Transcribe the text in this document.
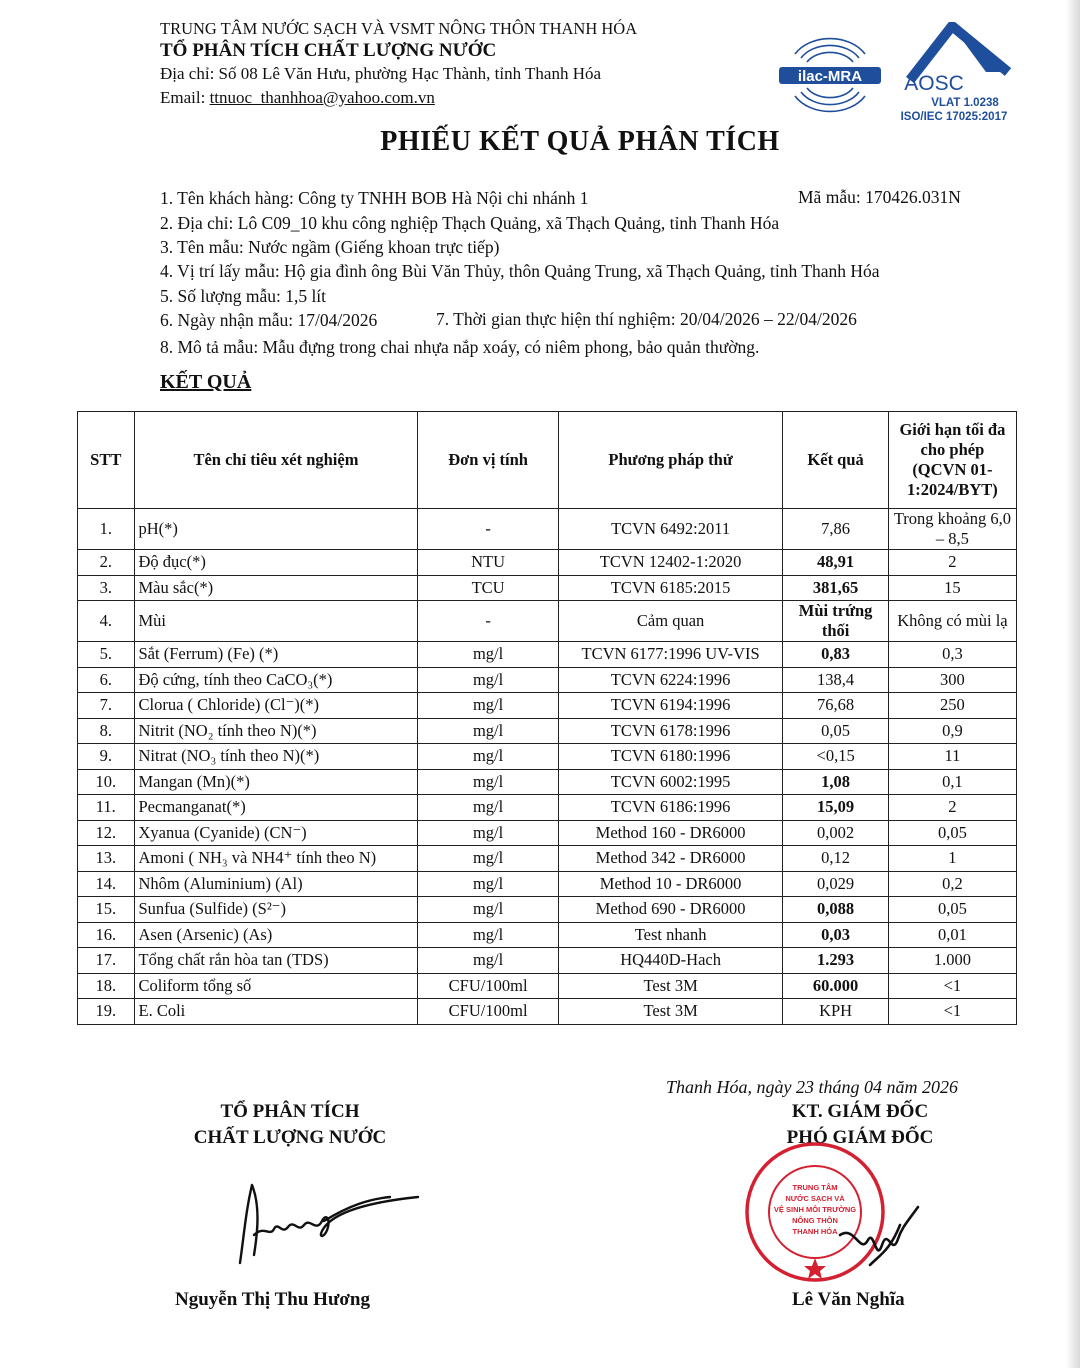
TRUNG TÂM NƯỚC SẠCH VÀ VSMT NÔNG THÔN THANH HÓA
TỔ PHÂN TÍCH CHẤT LƯỢNG NƯỚC
Địa chỉ: Số 08 Lê Văn Hưu, phường Hạc Thành, tỉnh Thanh Hóa
Email: ttnuoc_thanhhoa@yahoo.com.vn
ilac-MRA AOSC
VLAT 1.0238
ISO/IEC 17025:2017
PHIẾU KẾT QUẢ PHÂN TÍCH
1. Tên khách hàng: Công ty TNHH BOB Hà Nội chi nhánh 1	Mã mẫu: 170426.031N
2. Địa chỉ: Lô C09_10 khu công nghiệp Thạch Quảng, xã Thạch Quảng, tỉnh Thanh Hóa
3. Tên mẫu: Nước ngầm (Giếng khoan trực tiếp)
4. Vị trí lấy mẫu: Hộ gia đình ông Bùi Văn Thủy, thôn Quảng Trung, xã Thạch Quảng, tỉnh Thanh Hóa
5. Số lượng mẫu: 1,5 lít
6. Ngày nhận mẫu: 17/04/2026	7. Thời gian thực hiện thí nghiệm: 20/04/2026 – 22/04/2026
8. Mô tả mẫu: Mẫu đựng trong chai nhựa nắp xoáy, có niêm phong, bảo quản thường.
KẾT QUẢ
STT	Tên chỉ tiêu xét nghiệm	Đơn vị tính	Phương pháp thử	Kết quả	Giới hạn tối đa cho phép (QCVN 01-1:2024/BYT)
1.	pH(*)	-	TCVN 6492:2011	7,86	Trong khoảng 6,0 – 8,5
2.	Độ đục(*)	NTU	TCVN 12402-1:2020	48,91	2
3.	Màu sắc(*)	TCU	TCVN 6185:2015	381,65	15
4.	Mùi	-	Cảm quan	Mùi trứng thối	Không có mùi lạ
5.	Sắt (Ferrum) (Fe) (*)	mg/l	TCVN 6177:1996 UV-VIS	0,83	0,3
6.	Độ cứng, tính theo CaCO₃(*)	mg/l	TCVN 6224:1996	138,4	300
7.	Clorua ( Chloride) (Cl⁻)(*)	mg/l	TCVN 6194:1996	76,68	250
8.	Nitrit (NO₂ tính theo N)(*)	mg/l	TCVN 6178:1996	0,05	0,9
9.	Nitrat (NO₃ tính theo N)(*)	mg/l	TCVN 6180:1996	<0,15	11
10.	Mangan (Mn)(*)	mg/l	TCVN 6002:1995	1,08	0,1
11.	Pecmanganat(*)	mg/l	TCVN 6186:1996	15,09	2
12.	Xyanua (Cyanide) (CN⁻)	mg/l	Method 160 - DR6000	0,002	0,05
13.	Amoni ( NH₃ và NH4⁺ tính theo N)	mg/l	Method 342 - DR6000	0,12	1
14.	Nhôm (Aluminium) (Al)	mg/l	Method 10 - DR6000	0,029	0,2
15.	Sunfua (Sulfide) (S²⁻)	mg/l	Method 690 - DR6000	0,088	0,05
16.	Asen (Arsenic) (As)	mg/l	Test nhanh	0,03	0,01
17.	Tổng chất rắn hòa tan (TDS)	mg/l	HQ440D-Hach	1.293	1.000
18.	Coliform tổng số	CFU/100ml	Test 3M	60.000	<1
19.	E. Coli	CFU/100ml	Test 3M	KPH	<1
Thanh Hóa, ngày 23 tháng 04 năm 2026
TỔ PHÂN TÍCH
CHẤT LƯỢNG NƯỚC
KT. GIÁM ĐỐC
PHÓ GIÁM ĐỐC
TRUNG TÂM
NƯỚC SẠCH VÀ
VỆ SINH MÔI TRƯỜNG
NÔNG THÔN
THANH HÓA
Nguyễn Thị Thu Hương	Lê Văn Nghĩa
